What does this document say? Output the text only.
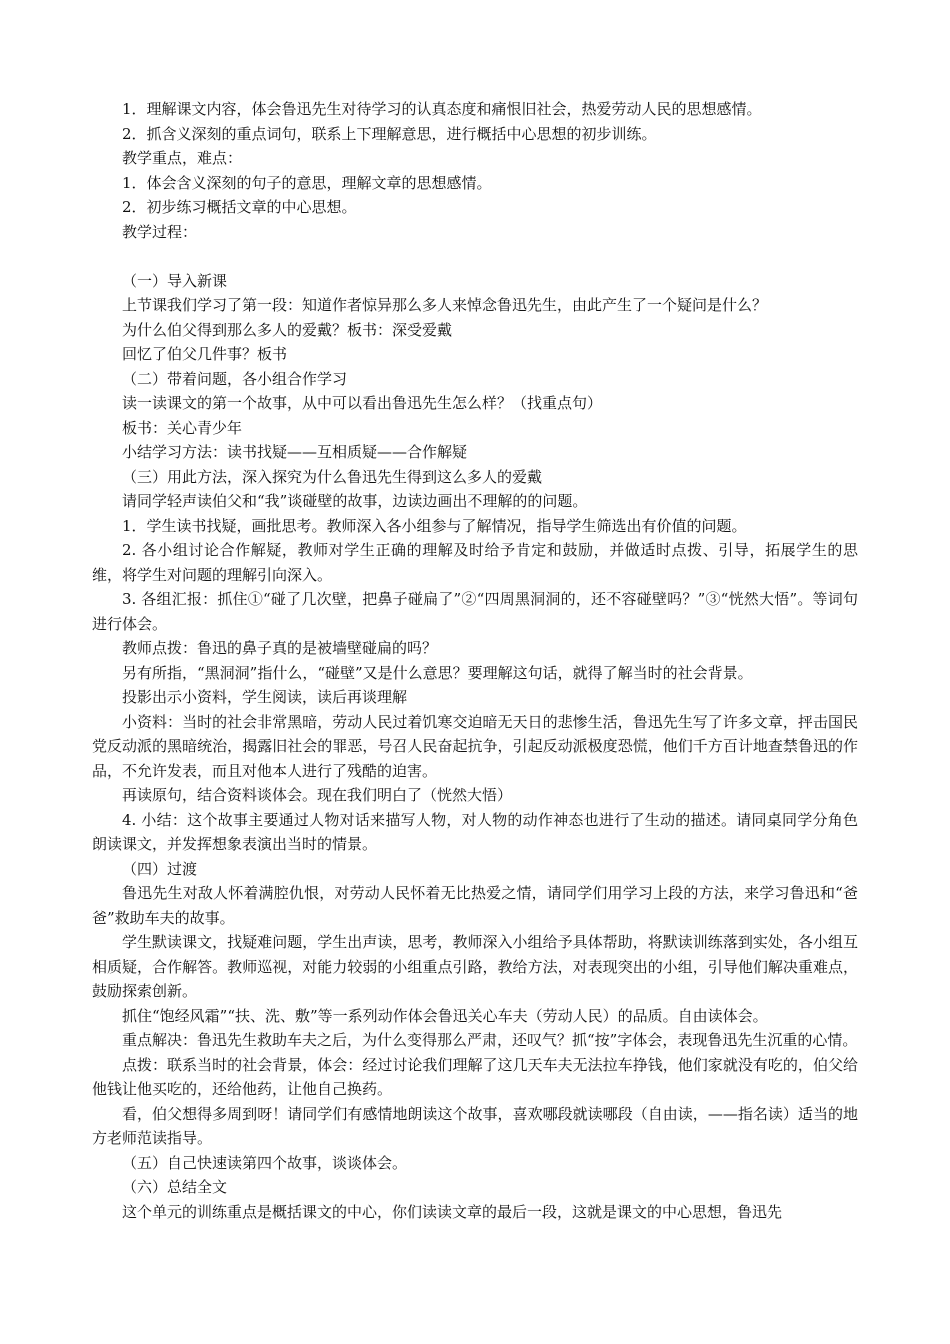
1．理解课文内容，体会鲁迅先生对待学习的认真态度和痛恨旧社会，热爱劳动人民的思想感情。

2．抓含义深刻的重点词句，联系上下理解意思，进行概括中心思想的初步训练。

教学重点，难点：

1．体会含义深刻的句子的意思，理解文章的思想感情。

2．初步练习概括文章的中心思想。

教学过程：

（一）导入新课

上节课我们学习了第一段：知道作者惊异那么多人来悼念鲁迅先生，由此产生了一个疑问是什么？

为什么伯父得到那么多人的爱戴？板书：深受爱戴

回忆了伯父几件事？板书

（二）带着问题，各小组合作学习

读一读课文的第一个故事，从中可以看出鲁迅先生怎么样？（找重点句）

板书：关心青少年

小结学习方法：读书找疑——互相质疑——合作解疑

（三）用此方法，深入探究为什么鲁迅先生得到这么多人的爱戴

请同学轻声读伯父和“我”谈碰壁的故事，边读边画出不理解的的问题。

1．学生读书找疑，画批思考。教师深入各小组参与了解情况，指导学生筛选出有价值的问题。

2. 各小组讨论合作解疑，教师对学生正确的理解及时给予肯定和鼓励，并做适时点拨、引导，拓展学生的思维，将学生对问题的理解引向深入。

3. 各组汇报：抓住①“碰了几次壁，把鼻子碰扁了”②“四周黑洞洞的，还不容碰壁吗？”③“恍然大悟”。等词句进行体会。

教师点拨：鲁迅的鼻子真的是被墙壁碰扁的吗？

另有所指，“黑洞洞”指什么，“碰壁”又是什么意思？要理解这句话，就得了解当时的社会背景。

投影出示小资料，学生阅读，读后再谈理解

小资料：当时的社会非常黑暗，劳动人民过着饥寒交迫暗无天日的悲惨生活，鲁迅先生写了许多文章，抨击国民党反动派的黑暗统治，揭露旧社会的罪恶，号召人民奋起抗争，引起反动派极度恐慌，他们千方百计地查禁鲁迅的作品，不允许发表，而且对他本人进行了残酷的迫害。

再读原句，结合资料谈体会。现在我们明白了（恍然大悟）

4. 小结：这个故事主要通过人物对话来描写人物，对人物的动作神态也进行了生动的描述。请同桌同学分角色朗读课文，并发挥想象表演出当时的情景。

（四）过渡

鲁迅先生对敌人怀着满腔仇恨，对劳动人民怀着无比热爱之情，请同学们用学习上段的方法，来学习鲁迅和“爸爸”救助车夫的故事。

学生默读课文，找疑难问题，学生出声读，思考，教师深入小组给予具体帮助，将默读训练落到实处，各小组互相质疑，合作解答。教师巡视，对能力较弱的小组重点引路，教给方法，对表现突出的小组，引导他们解决重难点，鼓励探索创新。

抓住“饱经风霜”“扶、洗、敷”等一系列动作体会鲁迅关心车夫（劳动人民）的品质。自由读体会。

重点解决：鲁迅先生救助车夫之后，为什么变得那么严肃，还叹气？抓“按”字体会，表现鲁迅先生沉重的心情。

点拨：联系当时的社会背景，体会：经过讨论我们理解了这几天车夫无法拉车挣钱，他们家就没有吃的，伯父给他钱让他买吃的，还给他药，让他自己换药。

看，伯父想得多周到呀！请同学们有感情地朗读这个故事，喜欢哪段就读哪段（自由读，——指名读）适当的地方老师范读指导。

（五）自己快速读第四个故事，谈谈体会。

（六）总结全文

这个单元的训练重点是概括课文的中心，你们读读文章的最后一段，这就是课文的中心思想，鲁迅先
